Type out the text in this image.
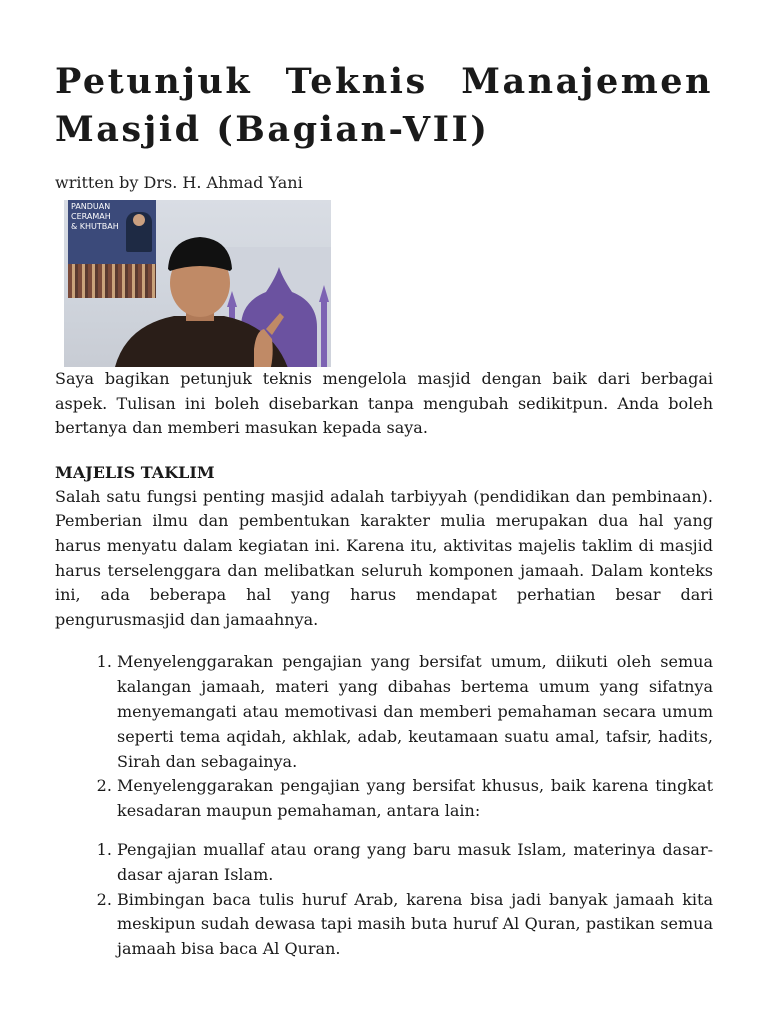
Petunjuk Teknis Manajemen Masjid (Bagian-VII)
written by Drs. H. Ahmad Yani
PANDUAN
CERAMAH
& KHUTBAH

Saya bagikan petunjuk teknis mengelola masjid dengan baik dari berbagai aspek. Tulisan ini boleh disebarkan tanpa mengubah sedikitpun. Anda boleh bertanya dan memberi masukan kepada saya.

MAJELIS TAKLIM

Salah satu fungsi penting masjid adalah tarbiyyah (pendidikan dan pembinaan). Pemberian ilmu dan pembentukan karakter mulia merupakan dua hal yang harus menyatu dalam kegiatan ini. Karena itu, aktivitas majelis taklim di masjid harus terselenggara dan melibatkan seluruh komponen jamaah. Dalam konteks ini, ada beberapa hal yang harus mendapat perhatian besar dari pengurusmasjid dan jamaahnya.

1. Menyelenggarakan pengajian yang bersifat umum, diikuti oleh semua kalangan jamaah, materi yang dibahas bertema umum yang sifatnya menyemangati atau memotivasi dan memberi pemahaman secara umum seperti tema aqidah, akhlak, adab, keutamaan suatu amal, tafsir, hadits, Sirah dan sebagainya.
2. Menyelenggarakan pengajian yang bersifat khusus, baik karena tingkat kesadaran maupun pemahaman, antara lain:
1. Pengajian muallaf atau orang yang baru masuk Islam, materinya dasar-dasar ajaran Islam.
2. Bimbingan baca tulis huruf Arab, karena bisa jadi banyak jamaah kita meskipun sudah dewasa tapi masih buta huruf Al Quran, pastikan semua jamaah bisa baca Al Quran.
